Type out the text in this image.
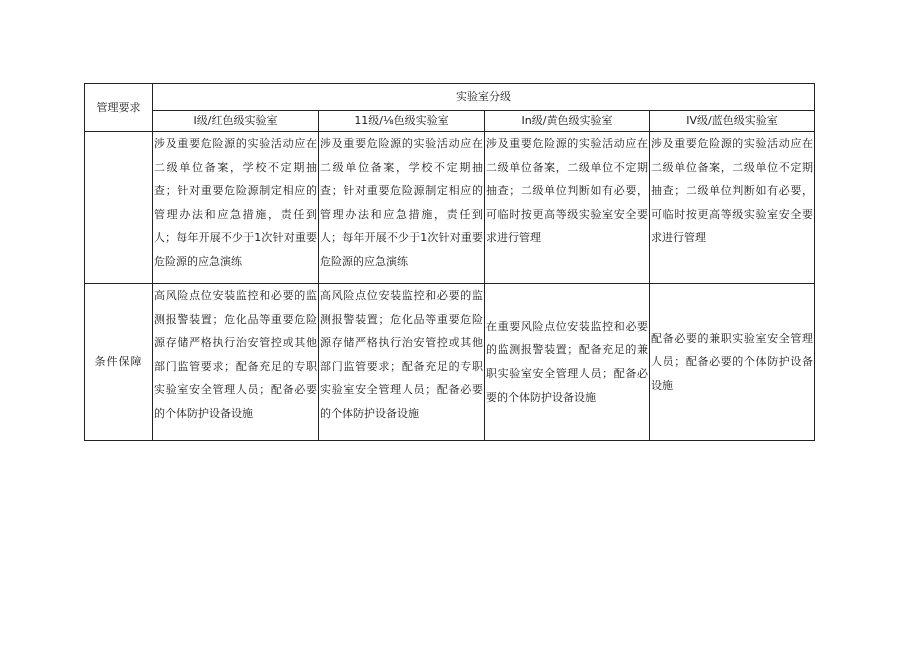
管理要求	实验室分级			
	I级/红色级实验室	11级/⅛色级实验室	In级/黄色级实验室	IV级/蓝色级实验室

	涉及重要危险源的实验活动应在二级单位备案，学校不定期抽查；针对重要危险源制定相应的管理办法和应急措施，责任到人；每年开展不少于1次针对重要危险源的应急演练	涉及重要危险源的实验活动应在二级单位备案，学校不定期抽查；针对重要危险源制定相应的管理办法和应急措施，责任到人；每年开展不少于1次针对重要危险源的应急演练	涉及重要危险源的实验活动应在二级单位备案，二级单位不定期抽查；二级单位判断如有必要，可临时按更高等级实验室安全要求进行管理	涉及重要危险源的实验活动应在二级单位备案，二级单位不定期抽查；二级单位判断如有必要，可临时按更高等级实验室安全要求进行管理

条件保障	高风险点位安装监控和必要的监测报警装置；危化品等重要危险源存储严格执行治安管控或其他部门监管要求；配备充足的专职实验室安全管理人员；配备必要的个体防护设备设施	高风险点位安装监控和必要的监测报警装置；危化品等重要危险源存储严格执行治安管控或其他部门监管要求；配备充足的专职实验室安全管理人员；配备必要的个体防护设备设施	在重要风险点位安装监控和必要的监测报警装置；配备充足的兼职实验室安全管理人员；配备必要的个体防护设备设施	配备必要的兼职实验室安全管理人员；配备必要的个体防护设备设施
